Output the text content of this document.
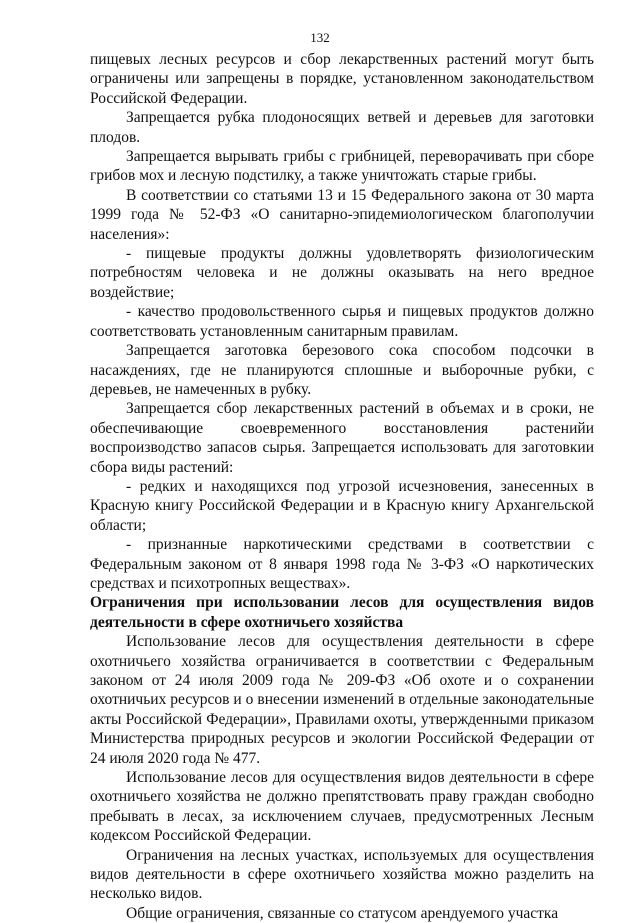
132

пищевых лесных ресурсов и сбор лекарственных растений могут быть ограничены или запрещены в порядке, установленном законодательством Российской Федерации.

Запрещается рубка плодоносящих ветвей и деревьев для заготовки плодов.

Запрещается вырывать грибы с грибницей, переворачивать при сборе грибов мох и лесную подстилку, а также уничтожать старые грибы.

В соответствии со статьями 13 и 15 Федерального закона от 30 марта 1999 года № 52-ФЗ «О санитарно-эпидемиологическом благополучии населения»:

- пищевые продукты должны удовлетворять физиологическим потребностям человека и не должны оказывать на него вредное воздействие;

- качество продовольственного сырья и пищевых продуктов должно соответствовать установленным санитарным правилам.

Запрещается заготовка березового сока способом подсочки в насаждениях, где не планируются сплошные и выборочные рубки, с деревьев, не намеченных в рубку.

Запрещается сбор лекарственных растений в объемах и в сроки, не обеспечивающие своевременного восстановления растенийи воспроизводство запасов сырья. Запрещается использовать для заготовкии сбора виды растений:

- редких и находящихся под угрозой исчезновения, занесенных в Красную книгу Российской Федерации и в Красную книгу Архангельской области;

- признанные наркотическими средствами в соответствии с Федеральным законом от 8 января 1998 года № 3-ФЗ «О наркотических средствах и психотропных веществах».

Ограничения при использовании лесов для осуществления видов деятельности в сфере охотничьего хозяйства

Использование лесов для осуществления деятельности в сфере охотничьего хозяйства ограничивается в соответствии с Федеральным законом от 24 июля 2009 года № 209-ФЗ «Об охоте и о сохранении охотничьих ресурсов и о внесении изменений в отдельные законодательные акты Российской Федерации», Правилами охоты, утвержденными приказом Министерства природных ресурсов и экологии Российской Федерации от 24 июля 2020 года № 477.

Использование лесов для осуществления видов деятельности в сфере охотничьего хозяйства не должно препятствовать праву граждан свободно пребывать в лесах, за исключением случаев, предусмотренных Лесным кодексом Российской Федерации.

Ограничения на лесных участках, используемых для осуществления видов деятельности в сфере охотничьего хозяйства можно разделить на несколько видов.

Общие ограничения, связанные со статусом арендуемого участка
